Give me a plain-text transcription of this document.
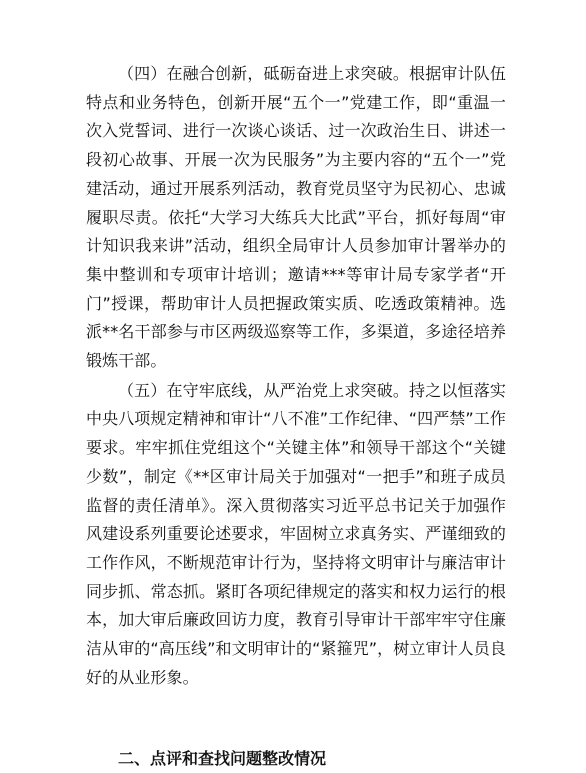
（四）在融合创新，砥砺奋进上求突破。根据审计队伍特点和业务特色，创新开展“五个一”党建工作，即“重温一次入党誓词、进行一次谈心谈话、过一次政治生日、讲述一段初心故事、开展一次为民服务”为主要内容的“五个一”党建活动，通过开展系列活动，教育党员坚守为民初心、忠诚履职尽责。依托“大学习大练兵大比武”平台，抓好每周“审计知识我来讲”活动，组织全局审计人员参加审计署举办的集中整训和专项审计培训；邀请***等审计局专家学者“开门”授课，帮助审计人员把握政策实质、吃透政策精神。选派**名干部参与市区两级巡察等工作，多渠道，多途径培养锻炼干部。

（五）在守牢底线，从严治党上求突破。持之以恒落实中央八项规定精神和审计“八不准”工作纪律、“四严禁”工作要求。牢牢抓住党组这个“关键主体”和领导干部这个“关键少数”，制定《**区审计局关于加强对“一把手”和班子成员监督的责任清单》。深入贯彻落实习近平总书记关于加强作风建设系列重要论述要求，牢固树立求真务实、严谨细致的工作作风，不断规范审计行为，坚持将文明审计与廉洁审计同步抓、常态抓。紧盯各项纪律规定的落实和权力运行的根本，加大审后廉政回访力度，教育引导审计干部牢牢守住廉洁从审的“高压线”和文明审计的“紧箍咒”，树立审计人员良好的从业形象。

二、点评和查找问题整改情况
